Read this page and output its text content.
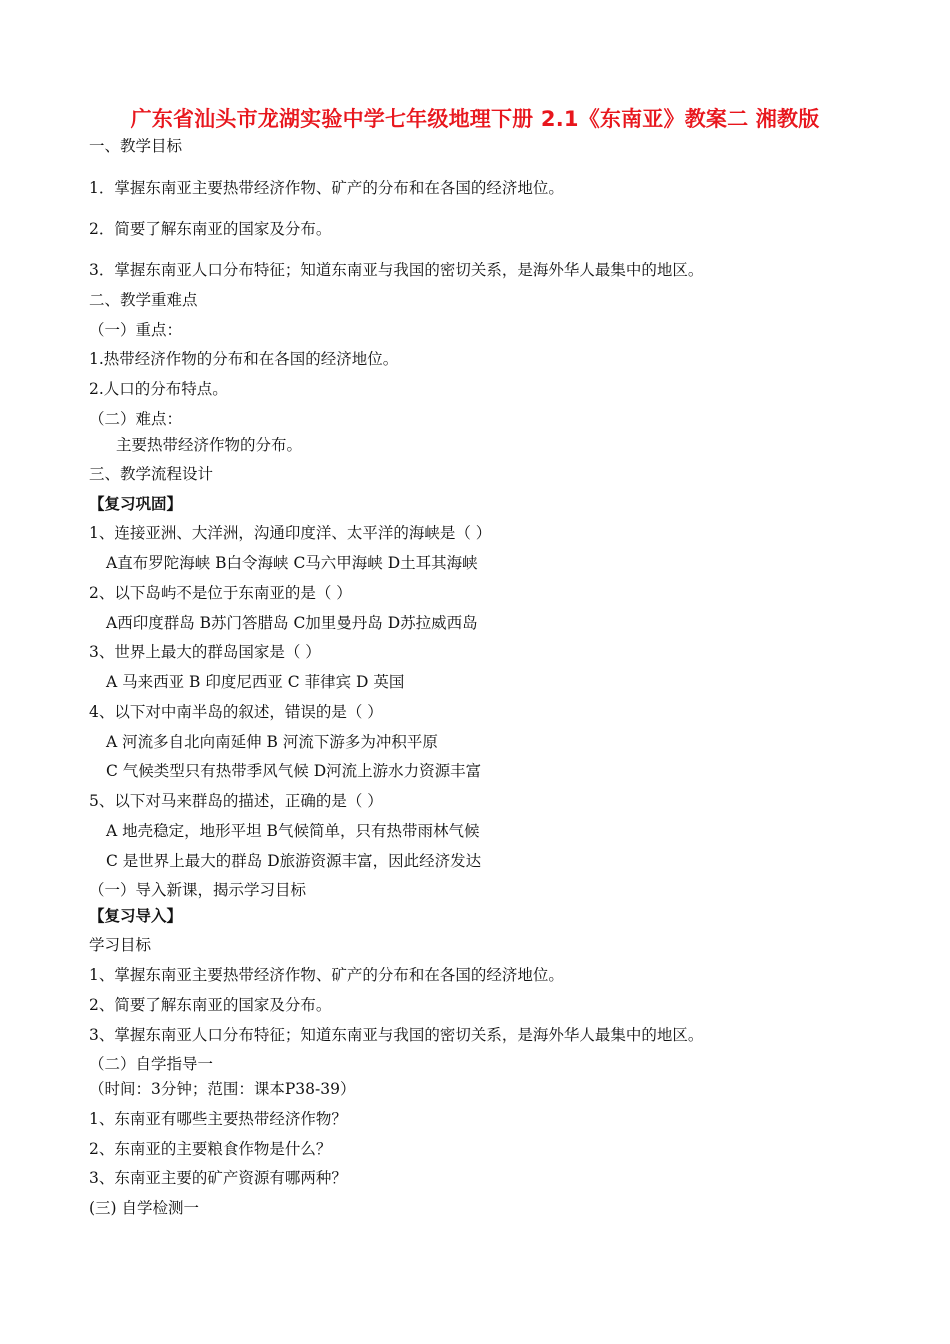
广东省汕头市龙湖实验中学七年级地理下册 2.1《东南亚》教案二 湘教版
一、教学目标
1．掌握东南亚主要热带经济作物、矿产的分布和在各国的经济地位。
2．简要了解东南亚的国家及分布。
3．掌握东南亚人口分布特征；知道东南亚与我国的密切关系，是海外华人最集中的地区。
二、教学重难点
（一）重点：
1.热带经济作物的分布和在各国的经济地位。
2.人口的分布特点。
（二）难点：
主要热带经济作物的分布。
三、教学流程设计
【复习巩固】
1、连接亚洲、大洋洲，沟通印度洋、太平洋的海峡是（ ）
A直布罗陀海峡 B白令海峡 C马六甲海峡 D土耳其海峡
2、以下岛屿不是位于东南亚的是（ ）
A西印度群岛 B苏门答腊岛 C加里曼丹岛 D苏拉威西岛
3、世界上最大的群岛国家是（ ）
A 马来西亚 B 印度尼西亚 C 菲律宾 D 英国
4、以下对中南半岛的叙述，错误的是（ ）
A 河流多自北向南延伸 B 河流下游多为冲积平原
C 气候类型只有热带季风气候 D河流上游水力资源丰富
5、以下对马来群岛的描述，正确的是（ ）
A 地壳稳定，地形平坦 B气候简单，只有热带雨林气候
C 是世界上最大的群岛 D旅游资源丰富，因此经济发达
（一）导入新课，揭示学习目标
【复习导入】
学习目标
1、掌握东南亚主要热带经济作物、矿产的分布和在各国的经济地位。
2、简要了解东南亚的国家及分布。
3、掌握东南亚人口分布特征；知道东南亚与我国的密切关系，是海外华人最集中的地区。
（二）自学指导一
（时间：3分钟；范围：课本P38-39）
1、东南亚有哪些主要热带经济作物？
2、东南亚的主要粮食作物是什么？
3、东南亚主要的矿产资源有哪两种？
(三) 自学检测一
